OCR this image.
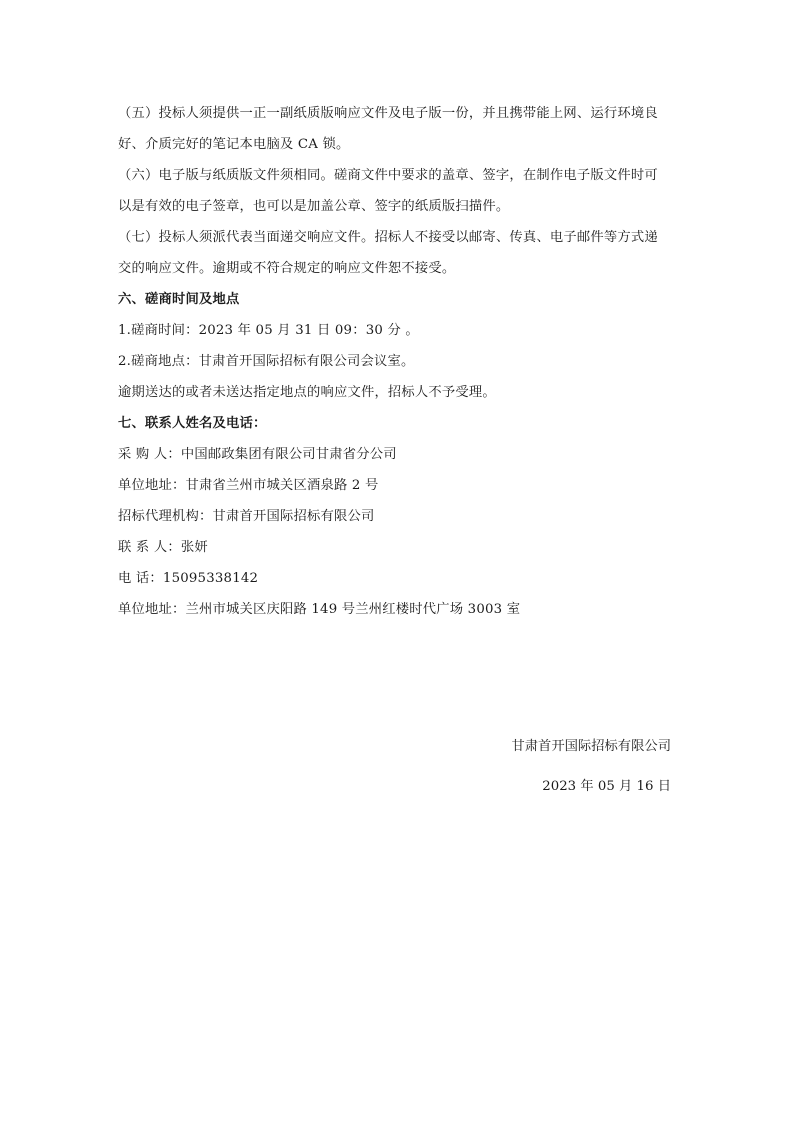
（五）投标人须提供一正一副纸质版响应文件及电子版一份，并且携带能上网、运行环境良
好、介质完好的笔记本电脑及 CA 锁。
（六）电子版与纸质版文件须相同。磋商文件中要求的盖章、签字，在制作电子版文件时可
以是有效的电子签章，也可以是加盖公章、签字的纸质版扫描件。
（七）投标人须派代表当面递交响应文件。招标人不接受以邮寄、传真、电子邮件等方式递
交的响应文件。逾期或不符合规定的响应文件恕不接受。
六、磋商时间及地点
1.磋商时间：2023 年 05 月 31 日 09：30 分 。
2.磋商地点：甘肃首开国际招标有限公司会议室。
逾期送达的或者未送达指定地点的响应文件，招标人不予受理。
七、联系人姓名及电话：
采 购 人：中国邮政集团有限公司甘肃省分公司
单位地址：甘肃省兰州市城关区酒泉路 2 号
招标代理机构：甘肃首开国际招标有限公司
联 系 人：张妍
电 话：15095338142
单位地址：兰州市城关区庆阳路 149 号兰州红楼时代广场 3003 室
甘肃首开国际招标有限公司
2023 年 05 月 16 日
